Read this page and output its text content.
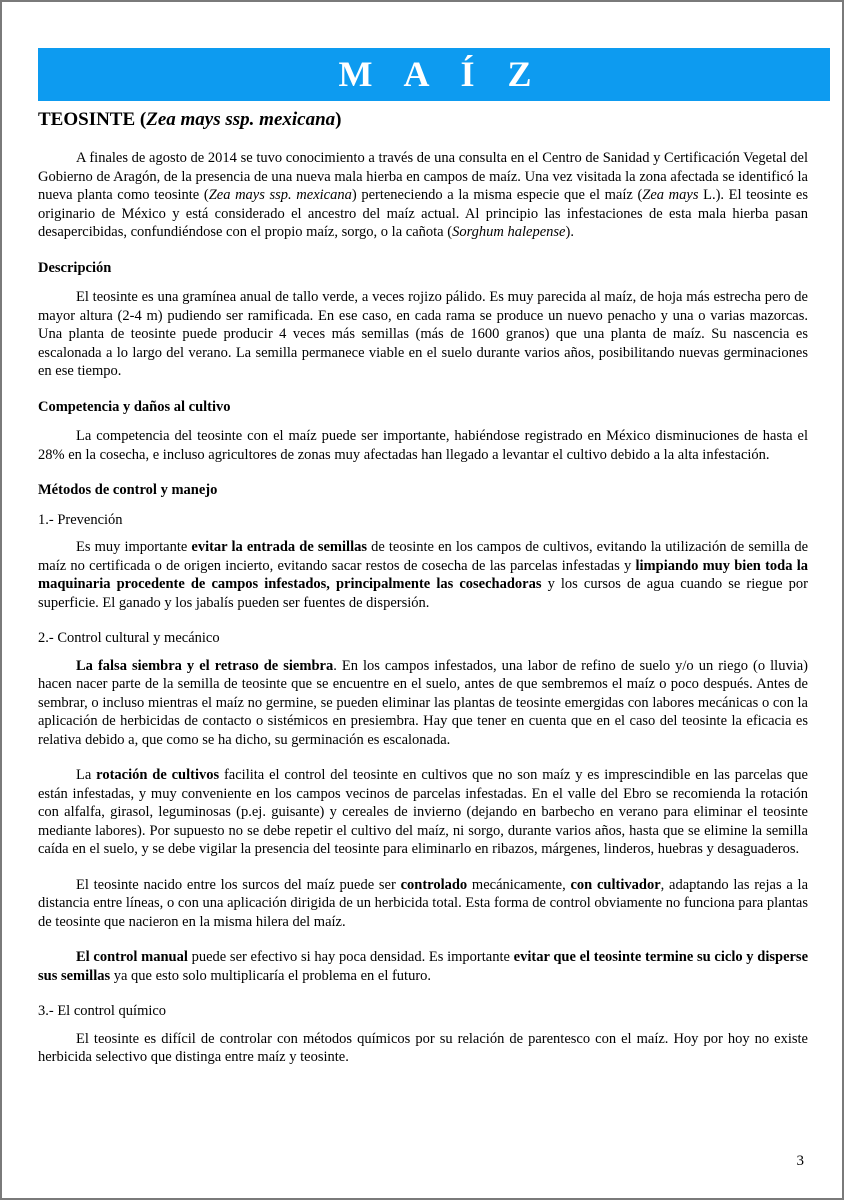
M A Í Z
TEOSINTE (Zea mays ssp. mexicana)

A finales de agosto de 2014 se tuvo conocimiento a través de una consulta en el Centro de Sanidad y Certificación Vegetal del Gobierno de Aragón, de la presencia de una nueva mala hierba en campos de maíz. Una vez visitada la zona afectada se identificó la nueva planta como teosinte (Zea mays ssp. mexicana) perteneciendo a la misma especie que el maíz (Zea mays L.). El teosinte es originario de México y está considerado el ancestro del maíz actual. Al principio las infestaciones de esta mala hierba pasan desapercibidas, confundiéndose con el propio maíz, sorgo, o la cañota (Sorghum halepense).

Descripción

El teosinte es una gramínea anual de tallo verde, a veces rojizo pálido. Es muy parecida al maíz, de hoja más estrecha pero de mayor altura (2-4 m) pudiendo ser ramificada. En ese caso, en cada rama se produce un nuevo penacho y una o varias mazorcas. Una planta de teosinte puede producir 4 veces más semillas (más de 1600 granos) que una planta de maíz. Su nascencia es escalonada a lo largo del verano. La semilla permanece viable en el suelo durante varios años, posibilitando nuevas germinaciones en ese tiempo.

Competencia y daños al cultivo

La competencia del teosinte con el maíz puede ser importante, habiéndose registrado en México disminuciones de hasta el 28% en la cosecha, e incluso agricultores de zonas muy afectadas han llegado a levantar el cultivo debido a la alta infestación.

Métodos de control y manejo

1.- Prevención

Es muy importante evitar la entrada de semillas de teosinte en los campos de cultivos, evitando la utilización de semilla de maíz no certificada o de origen incierto, evitando sacar restos de cosecha de las parcelas infestadas y limpiando muy bien toda la maquinaria procedente de campos infestados, principalmente las cosechadoras y los cursos de agua cuando se riegue por superficie. El ganado y los jabalís pueden ser fuentes de dispersión.

2.- Control cultural y mecánico

La falsa siembra y el retraso de siembra. En los campos infestados, una labor de refino de suelo y/o un riego (o lluvia) hacen nacer parte de la semilla de teosinte que se encuentre en el suelo, antes de que sembremos el maíz o poco después. Antes de sembrar, o incluso mientras el maíz no germine, se pueden eliminar las plantas de teosinte emergidas con labores mecánicas o con la aplicación de herbicidas de contacto o sistémicos en presiembra. Hay que tener en cuenta que en el caso del teosinte la eficacia es relativa debido a, que como se ha dicho, su germinación es escalonada.

La rotación de cultivos facilita el control del teosinte en cultivos que no son maíz y es imprescindible en las parcelas que están infestadas, y muy conveniente en los campos vecinos de parcelas infestadas. En el valle del Ebro se recomienda la rotación con alfalfa, girasol, leguminosas (p.ej. guisante) y cereales de invierno (dejando en barbecho en verano para eliminar el teosinte mediante labores). Por supuesto no se debe repetir el cultivo del maíz, ni sorgo, durante varios años, hasta que se elimine la semilla caída en el suelo, y se debe vigilar la presencia del teosinte para eliminarlo en ribazos, márgenes, linderos, huebras y desaguaderos.

El teosinte nacido entre los surcos del maíz puede ser controlado mecánicamente, con cultivador, adaptando las rejas a la distancia entre líneas, o con una aplicación dirigida de un herbicida total. Esta forma de control obviamente no funciona para plantas de teosinte que nacieron en la misma hilera del maíz.

El control manual puede ser efectivo si hay poca densidad. Es importante evitar que el teosinte termine su ciclo y disperse sus semillas ya que esto solo multiplicaría el problema en el futuro.

3.- El control químico

El teosinte es difícil de controlar con métodos químicos por su relación de parentesco con el maíz. Hoy por hoy no existe herbicida selectivo que distinga entre maíz y teosinte.

3
